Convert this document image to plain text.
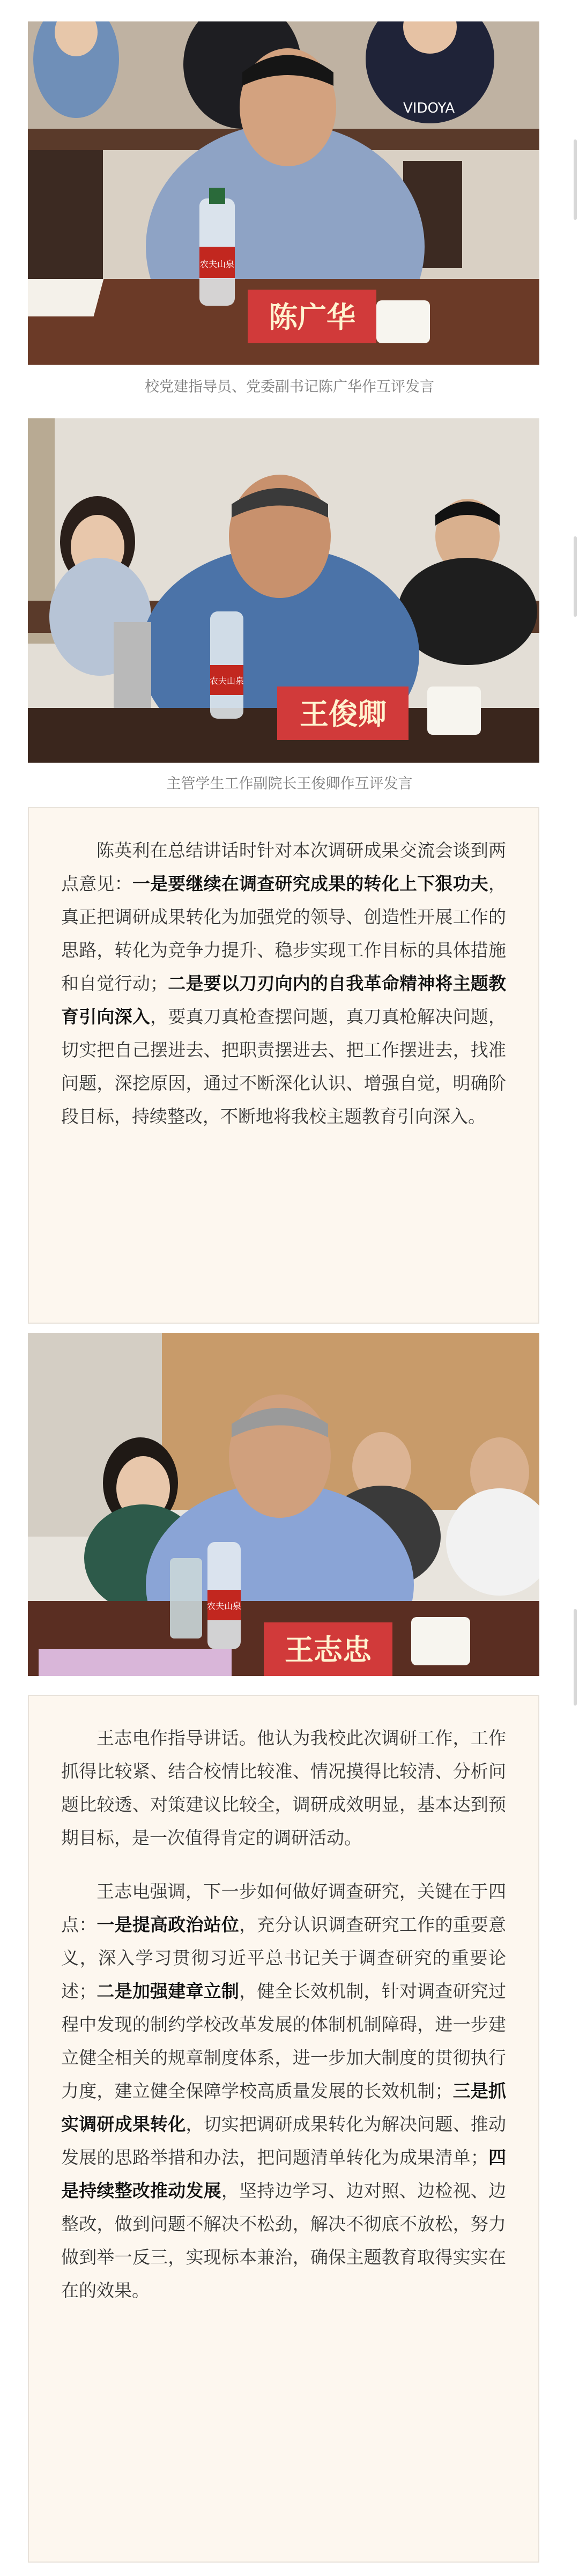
VIDOYA
农夫山泉
陈广华
校党建指导员、党委副书记陈广华作互评发言
农夫山泉
王俊卿
主管学生工作副院长王俊卿作互评发言

陈英利在总结讲话时针对本次调研成果交流会谈到两点意见：一是要继续在调查研究成果的转化上下狠功夫，真正把调研成果转化为加强党的领导、创造性开展工作的思路，转化为竞争力提升、稳步实现工作目标的具体措施和自觉行动；二是要以刀刃向内的自我革命精神将主题教育引向深入，要真刀真枪查摆问题，真刀真枪解决问题，切实把自己摆进去、把职责摆进去、把工作摆进去，找准问题，深挖原因，通过不断深化认识、增强自觉，明确阶段目标，持续整改，不断地将我校主题教育引向深入。

农夫山泉
王志忠

王志电作指导讲话。他认为我校此次调研工作，工作抓得比较紧、结合校情比较准、情况摸得比较清、分析问题比较透、对策建议比较全，调研成效明显，基本达到预期目标，是一次值得肯定的调研活动。

王志电强调，下一步如何做好调查研究，关键在于四点：一是提高政治站位，充分认识调查研究工作的重要意义，深入学习贯彻习近平总书记关于调查研究的重要论述；二是加强建章立制，健全长效机制，针对调查研究过程中发现的制约学校改革发展的体制机制障碍，进一步建立健全相关的规章制度体系，进一步加大制度的贯彻执行力度，建立健全保障学校高质量发展的长效机制；三是抓实调研成果转化，切实把调研成果转化为解决问题、推动发展的思路举措和办法，把问题清单转化为成果清单；四是持续整改推动发展，坚持边学习、边对照、边检视、边整改，做到问题不解决不松劲，解决不彻底不放松，努力做到举一反三，实现标本兼治，确保主题教育取得实实在在的效果。
